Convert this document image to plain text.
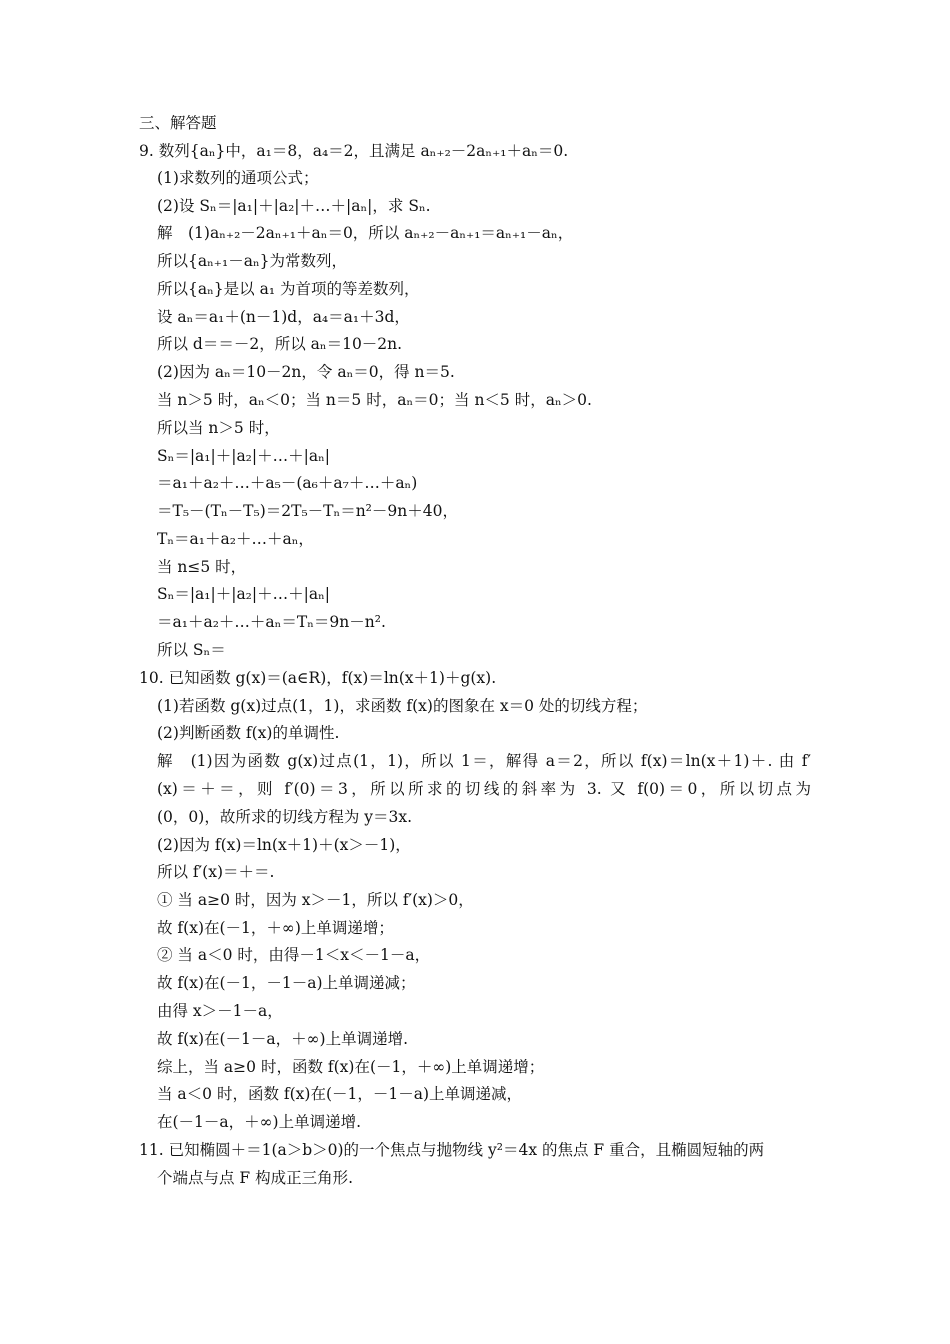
三、解答题
9. 数列{aₙ}中，a₁＝8，a₄＝2，且满足 aₙ₊₂－2aₙ₊₁＋aₙ＝0.
(1)求数列的通项公式；
(2)设 Sₙ＝|a₁|＋|a₂|＋…＋|aₙ|，求 Sₙ.
解　(1)aₙ₊₂－2aₙ₊₁＋aₙ＝0，所以 aₙ₊₂－aₙ₊₁＝aₙ₊₁－aₙ，
所以{aₙ₊₁－aₙ}为常数列，
所以{aₙ}是以 a₁ 为首项的等差数列，
设 aₙ＝a₁＋(n－1)d，a₄＝a₁＋3d，
所以 d＝＝－2，所以 aₙ＝10－2n.
(2)因为 aₙ＝10－2n，令 aₙ＝0，得 n＝5.
当 n＞5 时，aₙ＜0；当 n＝5 时，aₙ＝0；当 n＜5 时，aₙ＞0.
所以当 n＞5 时，
Sₙ＝|a₁|＋|a₂|＋…＋|aₙ|
＝a₁＋a₂＋…＋a₅－(a₆＋a₇＋…＋aₙ)
＝T₅－(Tₙ－T₅)＝2T₅－Tₙ＝n²－9n＋40，
Tₙ＝a₁＋a₂＋…＋aₙ，
当 n≤5 时，
Sₙ＝|a₁|＋|a₂|＋…＋|aₙ|
＝a₁＋a₂＋…＋aₙ＝Tₙ＝9n－n².
所以 Sₙ＝
10. 已知函数 g(x)＝(a∈R)，f(x)＝ln(x＋1)＋g(x).
(1)若函数 g(x)过点(1，1)，求函数 f(x)的图象在 x＝0 处的切线方程；
(2)判断函数 f(x)的单调性.
解　(1)因为函数 g(x)过点(1，1)，所以 1＝，解得 a＝2，所以 f(x)＝ln(x＋1)＋. 由 f′
(x)＝＋＝，则 f′(0)＝3，所以所求的切线的斜率为 3. 又 f(0)＝0，所以切点为
(0，0)，故所求的切线方程为 y＝3x.
(2)因为 f(x)＝ln(x＋1)＋(x＞－1)，
所以 f′(x)＝＋＝.
① 当 a≥0 时，因为 x＞－1，所以 f′(x)＞0，
故 f(x)在(－1，＋∞)上单调递增；
② 当 a＜0 时，由得－1＜x＜－1－a，
故 f(x)在(－1，－1－a)上单调递减；
由得 x＞－1－a，
故 f(x)在(－1－a，＋∞)上单调递增.
综上，当 a≥0 时，函数 f(x)在(－1，＋∞)上单调递增；
当 a＜0 时，函数 f(x)在(－1，－1－a)上单调递减，
在(－1－a，＋∞)上单调递增.
11. 已知椭圆＋＝1(a＞b＞0)的一个焦点与抛物线 y²＝4x 的焦点 F 重合，且椭圆短轴的两
个端点与点 F 构成正三角形.
